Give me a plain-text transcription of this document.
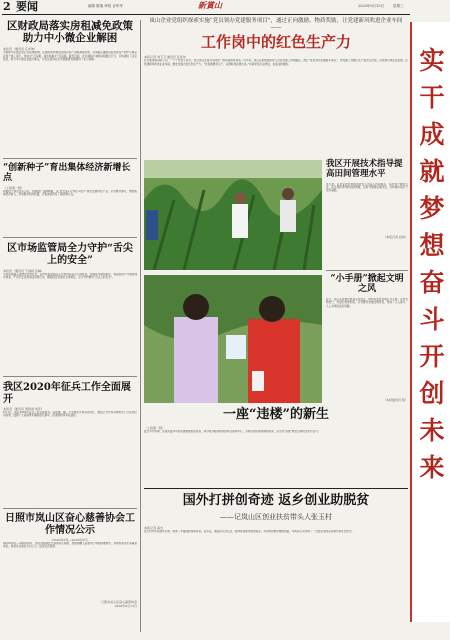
2 要闻	编辑 陈瑞 审校 谷军华	新賞山	2020年8月13日	星期三
区财政局落实房租减免政策助力中小微企业解困
本报讯（通讯员 孔祥坤）

为帮助中小微企业应对疫情影响，区财政局积极落实国有资产房租减免政策，对承租区属国有经营性房产的中小微企业和个体工商户，免收3个月房租，减半收取3个月房租。截至目前，共为承租户减免房租数百万元，切实减轻了企业负担，助力中小微企业渡过难关，为全区经济社会平稳健康发展提供了有力保障。

“创新种子”育出集体经济新增长点
（上接第一版）

两委班子成员带头示范，积极推广良种种植，以“党支部+合作社+农户”模式发展特色产业，引导群众参与，增加集体经济收入，带动群众共同致富，让集体经济有了新的增长点。

区市场监管局全力守护“舌尖上的安全”
本报讯（通讯员 于淑娟 袁琳）

为切实保障人民群众饮食安全，区市场监管局深入开展食品安全专项检查，对辖区内餐饮单位、食品经营户开展拉网式排查，严厉打击各类违法违规行为，督促经营者落实主体责任，全力守护群众“舌尖上的安全”。

我区2020年征兵工作全面展开
本报讯（通讯员 黄新建 刘军）

8月1日，我区2020年征兵工作全面展开。各街道、镇、大学城充分利用宣传栏、微信公众号等多种形式广泛宣传征兵政策，鼓励广大适龄青年踊跃报名参军，投身国防和军队建设。

日照市岚山区奋心慈善协会工作情况公示
（2020年6月—2020年8月）

2020年6月—2020年8月，协会共接收社会各界爱心捐款，按照捐赠人意愿用于救助困难群众、资助贫困学生等慈善项目，现将有关情况予以公示，接受社会监督。

日照市岚山区奋心慈善协会
2020年8月13日
岚山企业党组织探索实施“党员领办党建服务项目”，通过正向激励、物质奖励，让党建新风吹进企业车间——
工作岗中的红色生产力
本报记者 刘飞飞 通讯员 张延伟

在日照钢铁有限公司，一个个党员示范岗、党员责任区成为车间里一道亮丽的风景线。近年来，岚山区积极探索非公企业党建工作新路径，推行“党员领办党建服务项目”，把党建工作融入生产经营全过程，以党建引领企业发展，让党建新风吹进企业车间，激发出强大的红色生产力。“党员就要带头干，关键时刻站得出来。”车间党员们这样说，也是这样做的。

我区开展技术指导提高田间管理水平

连日来，区农业农村局组织技术人员深入田间地头，指导农户做好玉米、花生等秋季作物田间管理，及时开展病虫害防治，为秋粮丰收打下坚实基础。

（本报记者 赵伟）
“小手册”掀起文明之风

近日，岚山头街道志愿者走进社区，向居民发放文明行为手册，宣传文明出行、垃圾分类等知识，引导群众争做文明市民，形成了人人参与、人人共享的良好氛围。

（本报通讯员 陈）
一座“违楼”的新生
（上接第一版）

经过多方协调，这座闲置多年的违建楼被依法改造，如今成为服务群众的综合服务中心，为周边居民提供便民服务，昔日的“违楼”焕发出新的生机与活力。

国外打拼创奇迹 返乡创业助脱贫
——记岚山区创业扶贫带头人张玉村
本报记者 高杰

张玉村早年在国外打拼，积累了丰富的经验和资金。返乡后，他投资兴办企业，吸纳贫困群众就近就业，带动周边群众增收致富，用实际行动诠释了一名创业者的家乡情怀和社会担当。

实
干
成
就
梦
想
奋
斗
开
创
未
来
